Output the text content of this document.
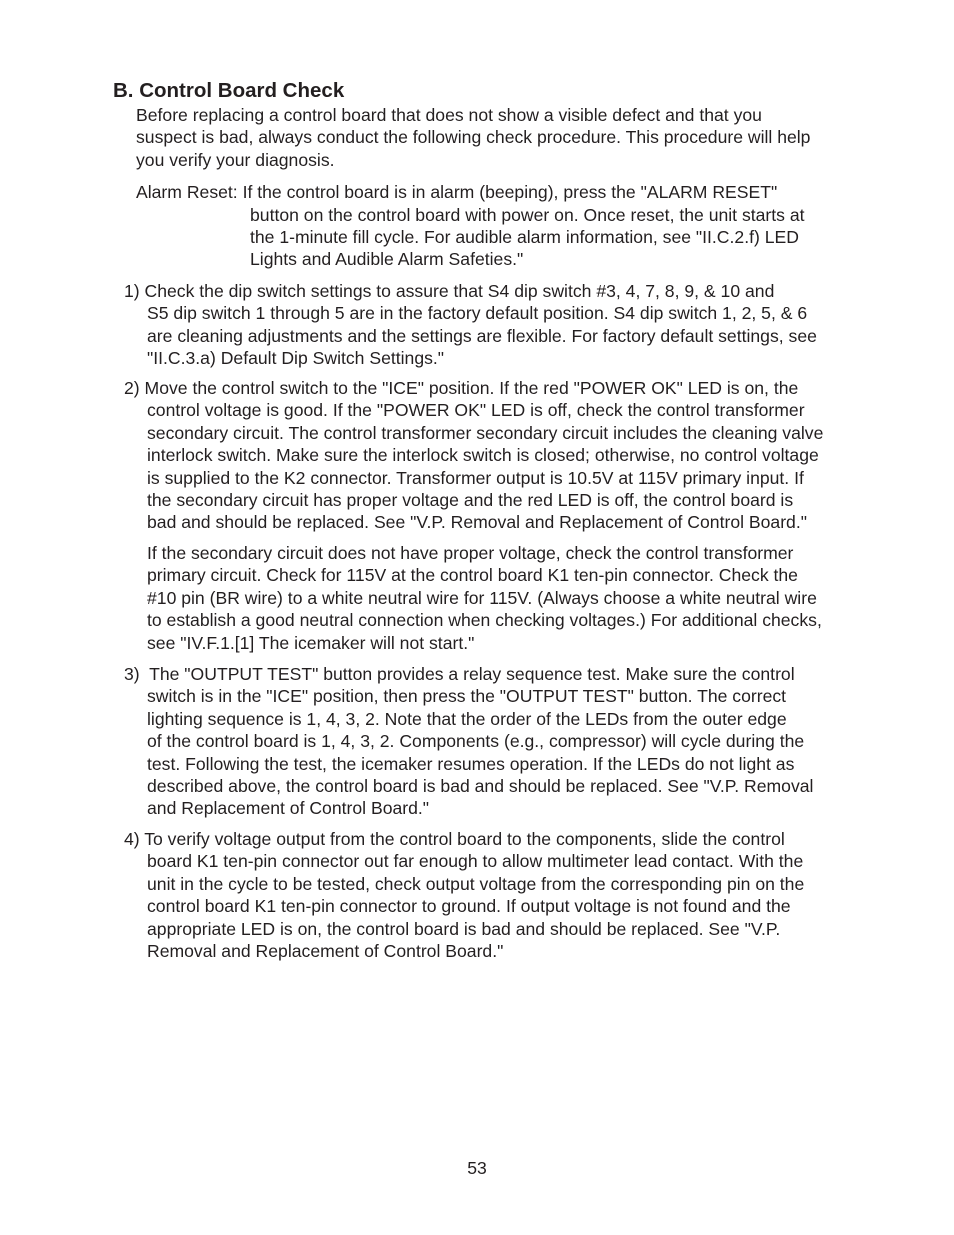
B. Control Board Check

Before replacing a control board that does not show a visible defect and that you
suspect is bad, always conduct the following check procedure. This procedure will help
you verify your diagnosis.

Alarm Reset: If the control board is in alarm (beeping), press the "ALARM RESET"

button on the control board with power on. Once reset, the unit starts at
the 1-minute fill cycle. For audible alarm information, see "II.C.2.f) LED
Lights and Audible Alarm Safeties."

1) Check the dip switch settings to assure that S4 dip switch #3, 4, 7, 8, 9, & 10 and

S5 dip switch 1 through 5 are in the factory default position. S4 dip switch 1, 2, 5, & 6
are cleaning adjustments and the settings are flexible. For factory default settings, see
"II.C.3.a) Default Dip Switch Settings."

2) Move the control switch to the "ICE" position. If the red "POWER OK" LED is on, the

control voltage is good. If the "POWER OK" LED is off, check the control transformer
secondary circuit. The control transformer secondary circuit includes the cleaning valve
interlock switch. Make sure the interlock switch is closed; otherwise, no control voltage
is supplied to the K2 connector. Transformer output is 10.5V at 115V primary input. If
the secondary circuit has proper voltage and the red LED is off, the control board is
bad and should be replaced. See "V.P. Removal and Replacement of Control Board."

If the secondary circuit does not have proper voltage, check the control transformer
primary circuit. Check for 115V at the control board K1 ten-pin connector. Check the
#10 pin (BR wire) to a white neutral wire for 115V. (Always choose a white neutral wire
to establish a good neutral connection when checking voltages.) For additional checks,
see "IV.F.1.[1] The icemaker will not start."

3)  The "OUTPUT TEST" button provides a relay sequence test. Make sure the control

switch is in the "ICE" position, then press the "OUTPUT TEST" button. The correct
lighting sequence is 1, 4, 3, 2. Note that the order of the LEDs from the outer edge
of the control board is 1, 4, 3, 2. Components (e.g., compressor) will cycle during the
test. Following the test, the icemaker resumes operation. If the LEDs do not light as
described above, the control board is bad and should be replaced. See "V.P. Removal
and Replacement of Control Board."

4) To verify voltage output from the control board to the components, slide the control

board K1 ten-pin connector out far enough to allow multimeter lead contact. With the
unit in the cycle to be tested, check output voltage from the corresponding pin on the
control board K1 ten-pin connector to ground. If output voltage is not found and the
appropriate LED is on, the control board is bad and should be replaced. See "V.P.
Removal and Replacement of Control Board."

53
